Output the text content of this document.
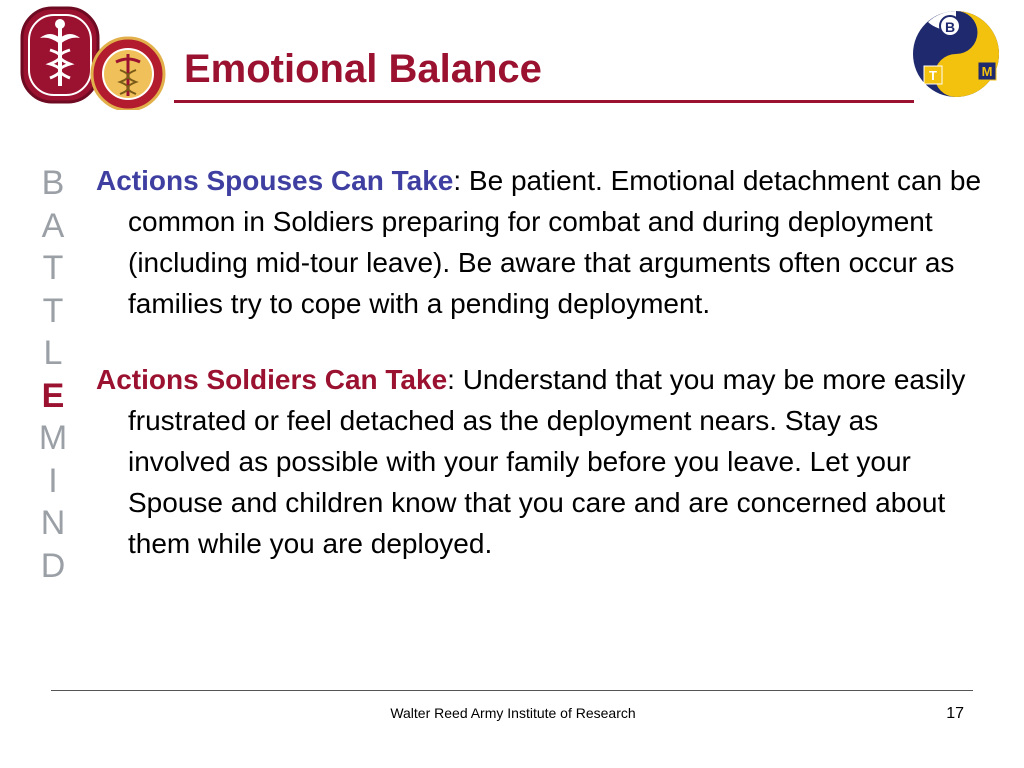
B
T	M
Emotional Balance
B
A
T
T
L
E
M
I
N
D

Actions Spouses Can Take: Be patient. Emotional detachment can be common in Soldiers preparing for combat and during deployment (including mid-tour leave). Be aware that arguments often occur as families try to cope with a pending deployment.

Actions Soldiers Can Take: Understand that you may be more easily frustrated or feel detached as the deployment nears. Stay as involved as possible with your family before you leave. Let your Spouse and children know that you care and are concerned about them while you are deployed.

Walter Reed Army Institute of Research	17
